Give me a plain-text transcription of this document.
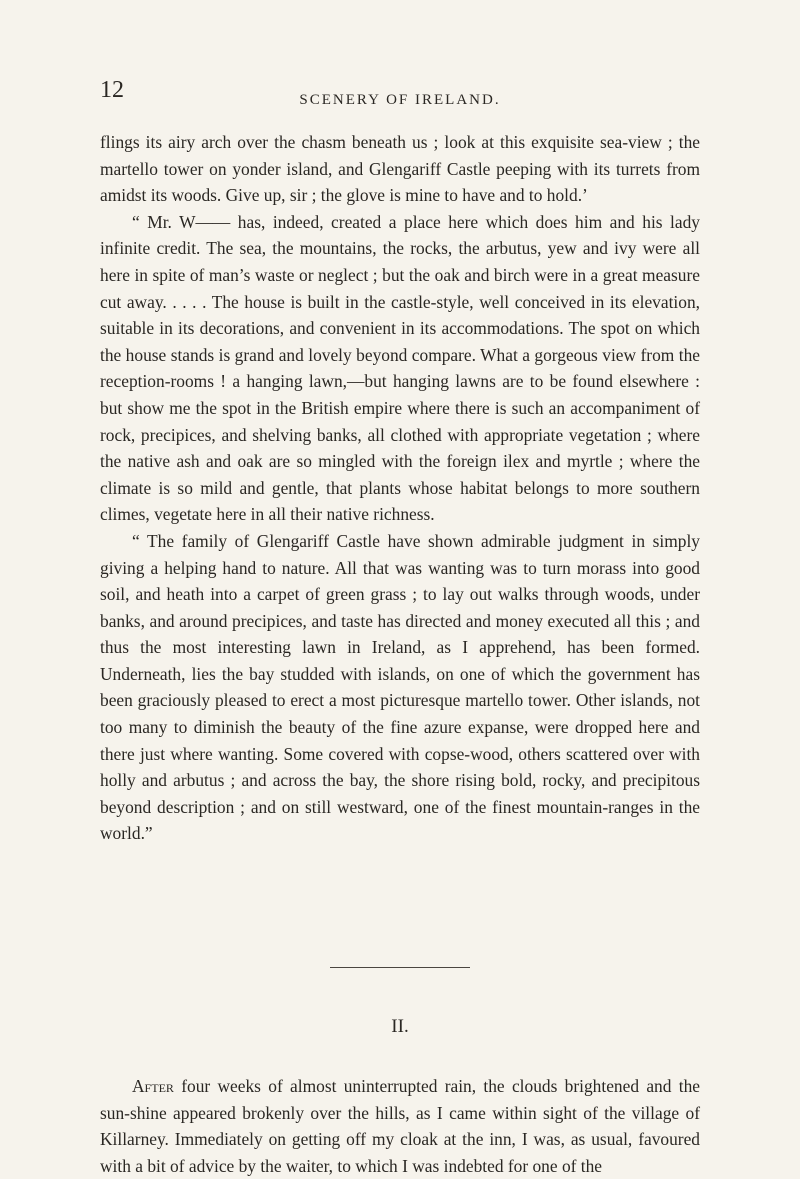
12	SCENERY OF IRELAND.

flings its airy arch over the chasm beneath us ; look at this exquisite sea-view ; the martello tower on yonder island, and Glengariff Castle peeping with its turrets from amidst its woods. Give up, sir ; the glove is mine to have and to hold.’

“ Mr. W—— has, indeed, created a place here which does him and his lady infinite credit. The sea, the mountains, the rocks, the arbutus, yew and ivy were all here in spite of man’s waste or neglect ; but the oak and birch were in a great measure cut away. . . . . The house is built in the castle-style, well conceived in its elevation, suitable in its decorations, and convenient in its accommodations. The spot on which the house stands is grand and lovely beyond compare. What a gorgeous view from the reception-rooms ! a hanging lawn,—but hanging lawns are to be found elsewhere : but show me the spot in the British empire where there is such an accompaniment of rock, precipices, and shelving banks, all clothed with appropriate vegetation ; where the native ash and oak are so mingled with the foreign ilex and myrtle ; where the climate is so mild and gentle, that plants whose habitat belongs to more southern climes, vegetate here in all their native richness.

“ The family of Glengariff Castle have shown admirable judgment in simply giving a helping hand to nature. All that was wanting was to turn morass into good soil, and heath into a carpet of green grass ; to lay out walks through woods, under banks, and around precipices, and taste has directed and money executed all this ; and thus the most interesting lawn in Ireland, as I apprehend, has been formed. Underneath, lies the bay studded with islands, on one of which the government has been graciously pleased to erect a most picturesque martello tower. Other islands, not too many to diminish the beauty of the fine azure expanse, were dropped here and there just where wanting. Some covered with copse-wood, others scattered over with holly and arbutus ; and across the bay, the shore rising bold, rocky, and precipitous beyond description ; and on still westward, one of the finest mountain-ranges in the world.”

II.

After four weeks of almost uninterrupted rain, the clouds brightened and the sun-shine appeared brokenly over the hills, as I came within sight of the village of Killarney. Immediately on getting off my cloak at the inn, I was, as usual, favoured with a bit of advice by the waiter, to which I was indebted for one of the
